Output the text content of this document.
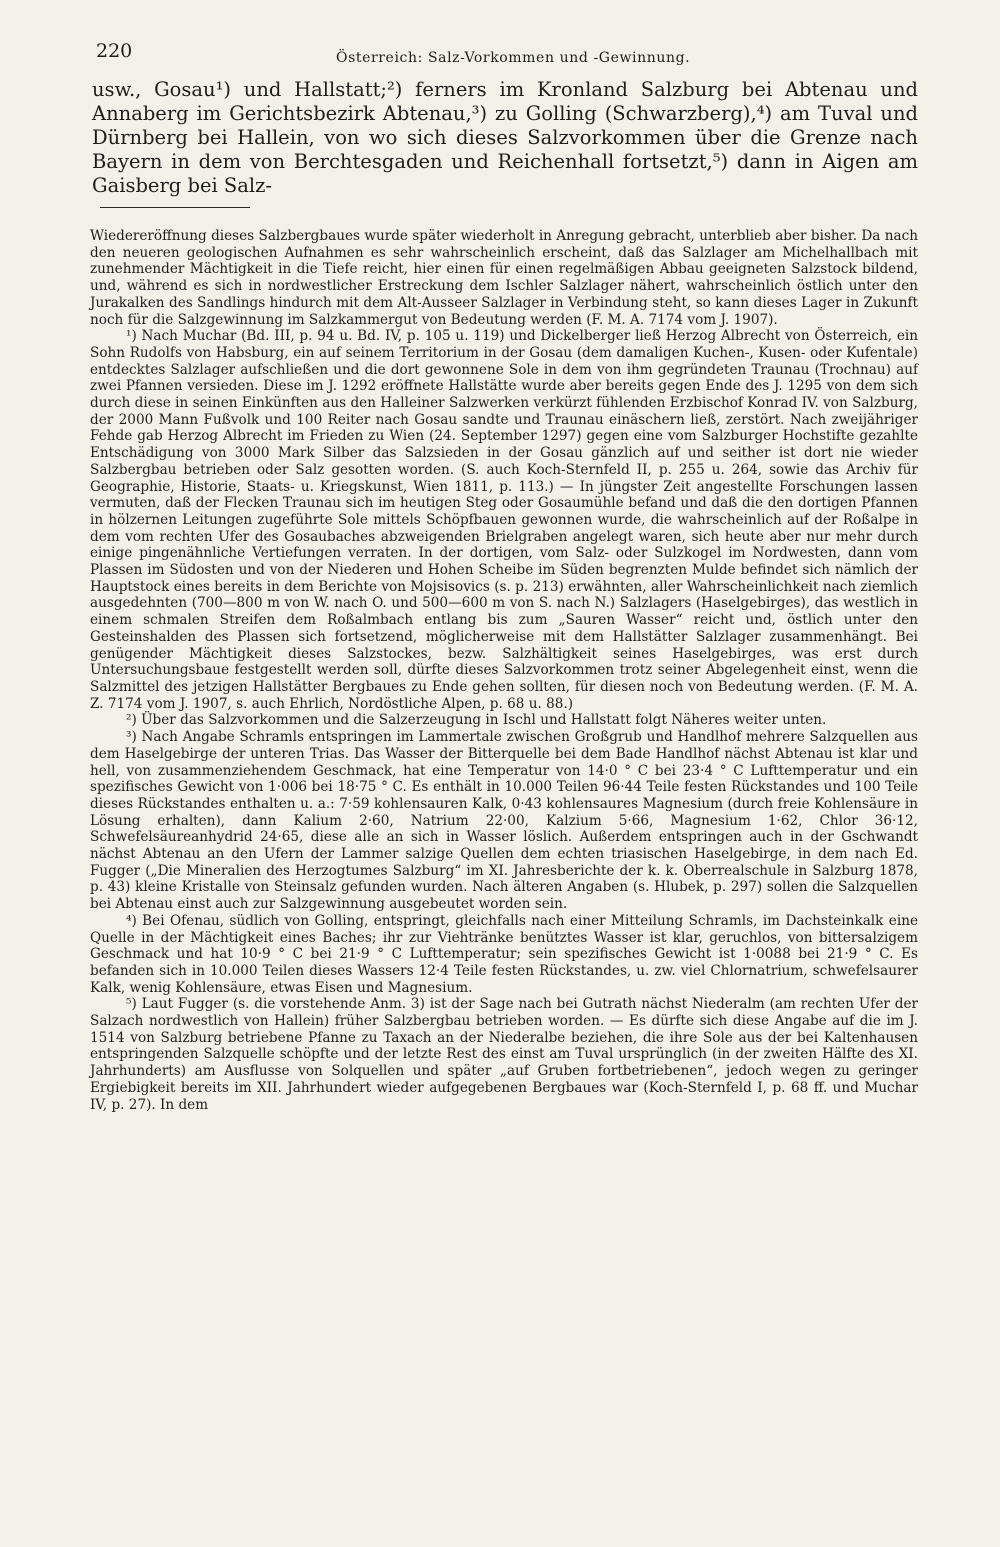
220	Österreich: Salz-Vorkommen und -Gewinnung.

usw., Gosau¹) und Hallstatt;²) ferners im Kronland Salzburg bei Abtenau und Annaberg im Gerichtsbezirk Abtenau,³) zu Golling (Schwarzberg),⁴) am Tuval und Dürnberg bei Hallein, von wo sich dieses Salzvorkommen über die Grenze nach Bayern in dem von Berchtesgaden und Reichenhall fortsetzt,⁵) dann in Aigen am Gaisberg bei Salz-

Wiedereröffnung dieses Salzbergbaues wurde später wiederholt in Anregung gebracht, unterblieb aber bisher. Da nach den neueren geologischen Aufnahmen es sehr wahrscheinlich erscheint, daß das Salzlager am Michelhallbach mit zunehmender Mächtigkeit in die Tiefe reicht, hier einen für einen regelmäßigen Abbau geeigneten Salzstock bildend, und, während es sich in nordwestlicher Erstreckung dem Ischler Salzlager nähert, wahrscheinlich östlich unter den Jurakalken des Sandlings hindurch mit dem Alt-Ausseer Salzlager in Verbindung steht, so kann dieses Lager in Zukunft noch für die Salzgewinnung im Salzkammergut von Bedeutung werden (F. M. A. 7174 vom J. 1907).

¹) Nach Muchar (Bd. III, p. 94 u. Bd. IV, p. 105 u. 119) und Dickelberger ließ Herzog Albrecht von Österreich, ein Sohn Rudolfs von Habsburg, ein auf seinem Territorium in der Gosau (dem damaligen Kuchen-, Kusen- oder Kufentale) entdecktes Salzlager aufschließen und die dort gewonnene Sole in dem von ihm gegründeten Traunau (Trochnau) auf zwei Pfannen versieden. Diese im J. 1292 eröffnete Hallstätte wurde aber bereits gegen Ende des J. 1295 von dem sich durch diese in seinen Einkünften aus den Halleiner Salzwerken verkürzt fühlenden Erzbischof Konrad IV. von Salzburg, der 2000 Mann Fußvolk und 100 Reiter nach Gosau sandte und Traunau einäschern ließ, zerstört. Nach zweijähriger Fehde gab Herzog Albrecht im Frieden zu Wien (24. September 1297) gegen eine vom Salzburger Hochstifte gezahlte Entschädigung von 3000 Mark Silber das Salzsieden in der Gosau gänzlich auf und seither ist dort nie wieder Salzbergbau betrieben oder Salz gesotten worden. (S. auch Koch-Sternfeld II, p. 255 u. 264, sowie das Archiv für Geographie, Historie, Staats- u. Kriegskunst, Wien 1811, p. 113.) — In jüngster Zeit angestellte Forschungen lassen vermuten, daß der Flecken Traunau sich im heutigen Steg oder Gosaumühle befand und daß die den dortigen Pfannen in hölzernen Leitungen zugeführte Sole mittels Schöpfbauen gewonnen wurde, die wahrscheinlich auf der Roßalpe in dem vom rechten Ufer des Gosaubaches abzweigenden Brielgraben angelegt waren, sich heute aber nur mehr durch einige pingenähnliche Vertiefungen verraten. In der dortigen, vom Salz- oder Sulzkogel im Nordwesten, dann vom Plassen im Südosten und von der Niederen und Hohen Scheibe im Süden begrenzten Mulde befindet sich nämlich der Hauptstock eines bereits in dem Berichte von Mojsisovics (s. p. 213) erwähnten, aller Wahrscheinlichkeit nach ziemlich ausgedehnten (700—800 m von W. nach O. und 500—600 m von S. nach N.) Salzlagers (Haselgebirges), das westlich in einem schmalen Streifen dem Roßalmbach entlang bis zum „Sauren Wasser“ reicht und, östlich unter den Gesteinshalden des Plassen sich fortsetzend, möglicherweise mit dem Hallstätter Salzlager zusammenhängt. Bei genügender Mächtigkeit dieses Salzstockes, bezw. Salzhältigkeit seines Haselgebirges, was erst durch Untersuchungsbaue festgestellt werden soll, dürfte dieses Salzvorkommen trotz seiner Abgelegenheit einst, wenn die Salzmittel des jetzigen Hallstätter Bergbaues zu Ende gehen sollten, für diesen noch von Bedeutung werden. (F. M. A. Z. 7174 vom J. 1907, s. auch Ehrlich, Nordöstliche Alpen, p. 68 u. 88.)

²) Über das Salzvorkommen und die Salzerzeugung in Ischl und Hallstatt folgt Näheres weiter unten.

³) Nach Angabe Schramls entspringen im Lammertale zwischen Großgrub und Handlhof mehrere Salzquellen aus dem Haselgebirge der unteren Trias. Das Wasser der Bitterquelle bei dem Bade Handlhof nächst Abtenau ist klar und hell, von zusammenziehendem Geschmack, hat eine Temperatur von 14·0 ° C bei 23·4 ° C Lufttemperatur und ein spezifisches Gewicht von 1·006 bei 18·75 ° C. Es enthält in 10.000 Teilen 96·44 Teile festen Rückstandes und 100 Teile dieses Rückstandes enthalten u. a.: 7·59 kohlensauren Kalk, 0·43 kohlensaures Magnesium (durch freie Kohlensäure in Lösung erhalten), dann Kalium 2·60, Natrium 22·00, Kalzium 5·66, Magnesium 1·62, Chlor 36·12, Schwefelsäureanhydrid 24·65, diese alle an sich in Wasser löslich. Außerdem entspringen auch in der Gschwandt nächst Abtenau an den Ufern der Lammer salzige Quellen dem echten triasischen Haselgebirge, in dem nach Ed. Fugger („Die Mineralien des Herzogtumes Salzburg“ im XI. Jahresberichte der k. k. Oberrealschule in Salzburg 1878, p. 43) kleine Kristalle von Steinsalz gefunden wurden. Nach älteren Angaben (s. Hlubek, p. 297) sollen die Salzquellen bei Abtenau einst auch zur Salzgewinnung ausgebeutet worden sein.

⁴) Bei Ofenau, südlich von Golling, entspringt, gleichfalls nach einer Mitteilung Schramls, im Dachsteinkalk eine Quelle in der Mächtigkeit eines Baches; ihr zur Viehtränke benütztes Wasser ist klar, geruchlos, von bittersalzigem Geschmack und hat 10·9 ° C bei 21·9 ° C Lufttemperatur; sein spezifisches Gewicht ist 1·0088 bei 21·9 ° C. Es befanden sich in 10.000 Teilen dieses Wassers 12·4 Teile festen Rückstandes, u. zw. viel Chlornatrium, schwefelsaurer Kalk, wenig Kohlensäure, etwas Eisen und Magnesium.

⁵) Laut Fugger (s. die vorstehende Anm. 3) ist der Sage nach bei Gutrath nächst Niederalm (am rechten Ufer der Salzach nordwestlich von Hallein) früher Salzbergbau betrieben worden. — Es dürfte sich diese Angabe auf die im J. 1514 von Salzburg betriebene Pfanne zu Taxach an der Niederalbe beziehen, die ihre Sole aus der bei Kaltenhausen entspringenden Salzquelle schöpfte und der letzte Rest des einst am Tuval ursprünglich (in der zweiten Hälfte des XI. Jahrhunderts) am Ausflusse von Solquellen und später „auf Gruben fortbetriebenen“, jedoch wegen zu geringer Ergiebigkeit bereits im XII. Jahrhundert wieder aufgegebenen Bergbaues war (Koch-Sternfeld I, p. 68 ff. und Muchar IV, p. 27). In dem
